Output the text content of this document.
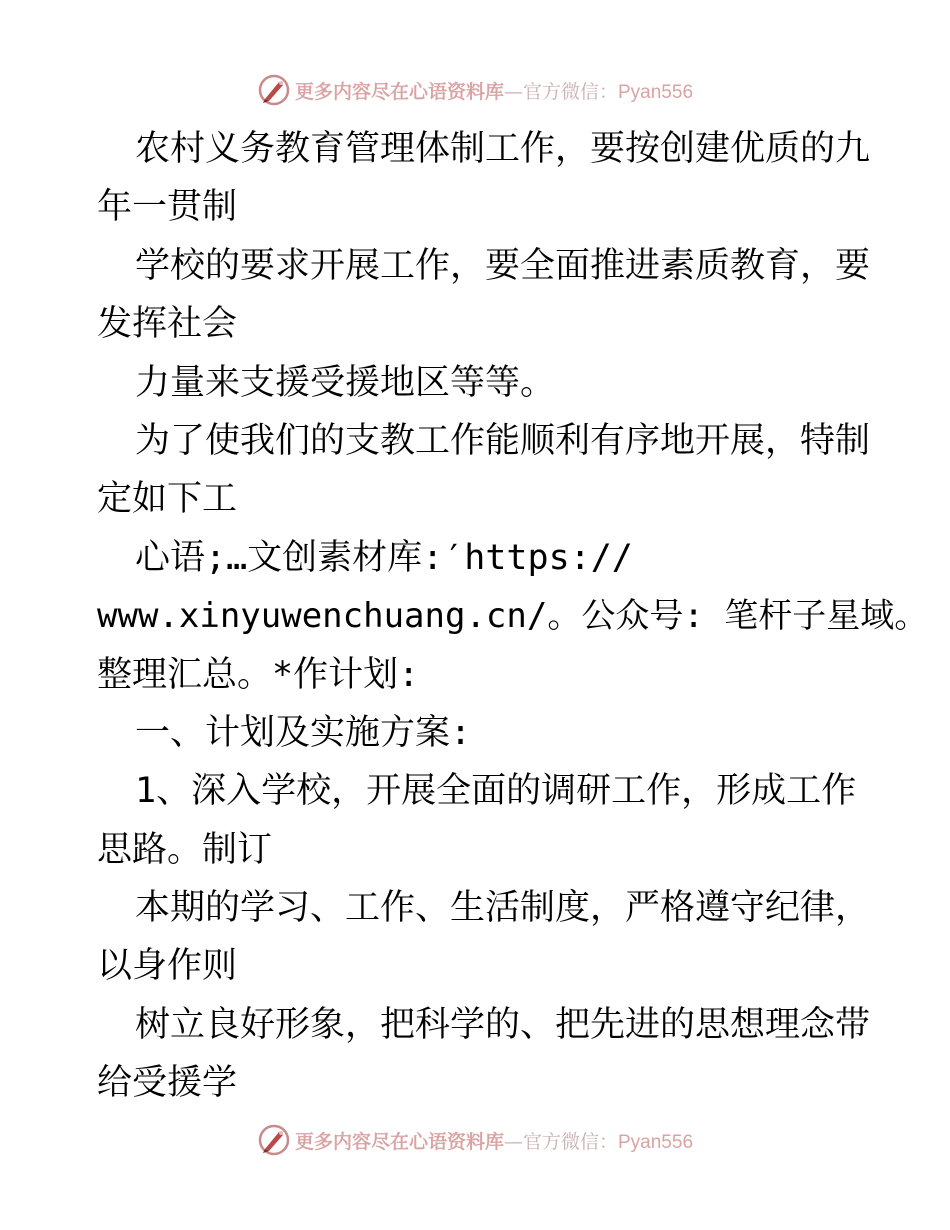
更多内容尽在心语资料库—官方微信：Pyan556
农村义务教育管理体制工作，要按创建优质的九
年一贯制
学校的要求开展工作，要全面推进素质教育，要
发挥社会
力量来支援受援地区等等。
为了使我们的支教工作能顺利有序地开展，特制
定如下工
心语;…文创素材库:′https://
www.xinyuwenchuang.cn/。公众号: 笔杆子星域。
整理汇总。*作计划:
一、计划及实施方案:
1、深入学校，开展全面的调研工作，形成工作
思路。制订
本期的学习、工作、生活制度，严格遵守纪律，
以身作则
树立良好形象，把科学的、把先进的思想理念带
给受援学
更多内容尽在心语资料库—官方微信：Pyan556
